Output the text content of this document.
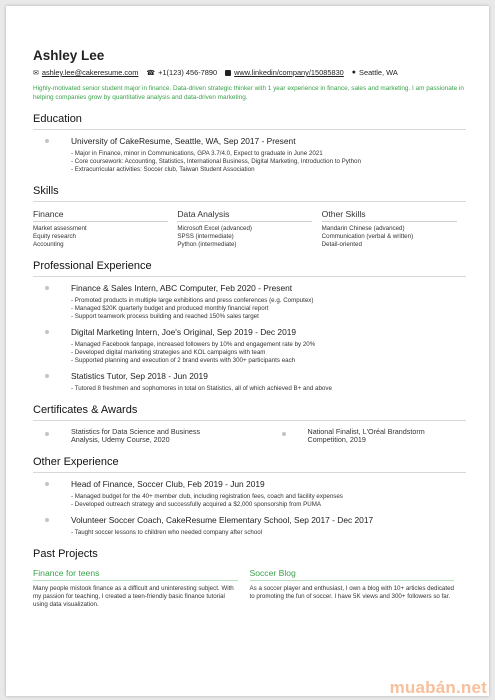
Ashley Lee
✉ ashley.lee@cakeresume.com ☎ +1(123) 456-7890 www.linkedin/company/15085830 ● Seattle, WA
Highly-motivated senior student major in finance. Data-driven strategic thinker with 1 year experience in finance, sales and marketing. I am passionate in helping companies grow by quantitative analysis and data-driven marketing.
Education
University of CakeResume, Seattle, WA, Sep 2017 - Present
- Major in Finance, minor in Communications, GPA 3.7/4.0, Expect to graduate in June 2021
- Core coursework: Accounting, Statistics, International Business, Digital Marketing, Introduction to Python
- Extracurricular activities: Soccer club, Taiwan Student Association
Skills
Finance
Market assessment
Equity research
Accounting
Data Analysis
Microsoft Excel (advanced)
SPSS (intermediate)
Python (intermediate)
Other Skills
Mandarin Chinese (advanced)
Communication (verbal & written)
Detail-oriented
Professional Experience
Finance & Sales Intern, ABC Computer, Feb 2020 - Present
- Promoted products in multiple large exhibitions and press conferences (e.g. Computex)
- Managed $20K quarterly budget and produced monthly financial report
- Support teamwork process building and reached 150% sales target
Digital Marketing Intern, Joe's Original, Sep 2019 - Dec 2019
- Managed Facebook fanpage, increased followers by 10% and engagement rate by 20%
- Developed digital marketing strategies and KOL campaigns with team
- Supported planning and execution of 2 brand events with 300+ participants each
Statistics Tutor, Sep 2018 - Jun 2019
- Tutored 8 freshmen and sophomores in total on Statistics, all of which achieved B+ and above
Certificates & Awards
Statistics for Data Science and Business Analysis, Udemy Course, 2020
National Finalist, L'Oréal Brandstorm Competition, 2019
Other Experience
Head of Finance, Soccer Club, Feb 2019 - Jun 2019
- Managed budget for the 40+ member club, including registration fees, coach and facility expenses
- Developed outreach strategy and successfully acquired a $2,000 sponsorship from PUMA
Volunteer Soccer Coach, CakeResume Elementary School, Sep 2017 - Dec 2017
- Taught soccer lessons to children who needed company after school
Past Projects
Finance for teens
Many people mistook finance as a difficult and uninteresting subject. With my passion for teaching, I created a teen-friendly basic finance tutorial using data visualization.
Soccer Blog
As a soccer player and enthusiast, I own a blog with 10+ articles dedicated to promoting the fun of soccer. I have 5K views and 300+ followers so far.
muabán.net
